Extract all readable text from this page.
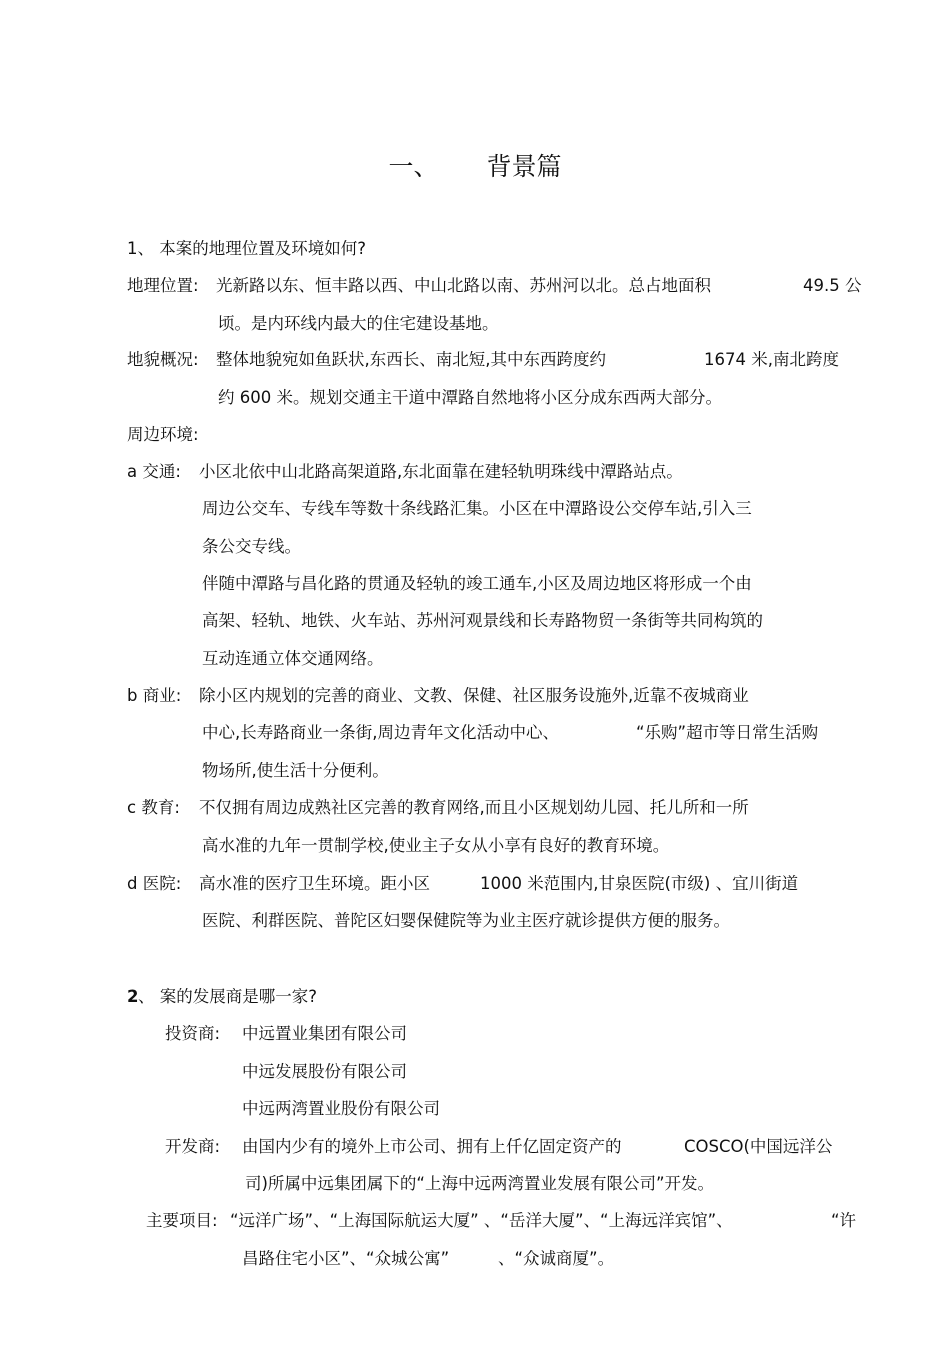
一、 背景篇
1、 本案的地理位置及环境如何?
地理位置: 光新路以东、恒丰路以西、中山北路以南、苏州河以北。总占地面积	49.5 公
顷。是内环线内最大的住宅建设基地。
地貌概况: 整体地貌宛如鱼跃状,东西长、南北短,其中东西跨度约	1674 米,南北跨度
约 600 米。规划交通主干道中潭路自然地将小区分成东西两大部分。
周边环境:
a 交通: 小区北依中山北路高架道路,东北面靠在建轻轨明珠线中潭路站点。
周边公交车、专线车等数十条线路汇集。小区在中潭路设公交停车站,引入三
条公交专线。
伴随中潭路与昌化路的贯通及轻轨的竣工通车,小区及周边地区将形成一个由
高架、轻轨、地铁、火车站、苏州河观景线和长寿路物贸一条街等共同构筑的
互动连通立体交通网络。
b 商业: 除小区内规划的完善的商业、文教、保健、社区服务设施外,近靠不夜城商业
中心,长寿路商业一条街,周边青年文化活动中心、	“乐购”超市等日常生活购
物场所,使生活十分便利。
c 教育: 不仅拥有周边成熟社区完善的教育网络,而且小区规划幼儿园、托儿所和一所
高水准的九年一贯制学校,使业主子女从小享有良好的教育环境。
d 医院: 高水准的医疗卫生环境。距小区	1000 米范围内,甘泉医院(市级) 、宜川街道
医院、利群医院、普陀区妇婴保健院等为业主医疗就诊提供方便的服务。
2 、 案的发展商是哪一家?
投资商: 中远置业集团有限公司
中远发展股份有限公司
中远两湾置业股份有限公司
开发商: 由国内少有的境外上市公司、拥有上仟亿固定资产的	COSCO(中国远洋公
司)所属中远集团属下的“上海中远两湾置业发展有限公司”开发。
主要项目: “远洋广场”、“上海国际航运大厦” 、“岳洋大厦”、“上海远洋宾馆”、	“许
昌路住宅小区”、“众城公寓”	、“众诚商厦”。
